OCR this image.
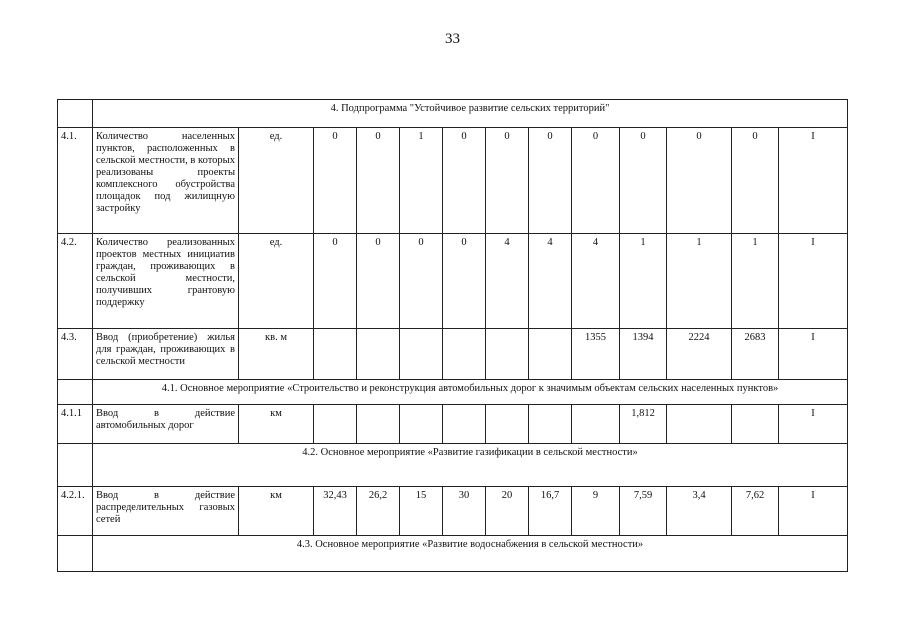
33
	4. Подпрограмма "Устойчивое развитие сельских территорий"												
4.1.	Количество населенных пунктов, расположенных в сельской местности, в которых реализованы проекты комплексного обустройства площадок под жилищную застройку	ед.	0	0	1	0	0	0	0	0	0	0	I
4.2.	Количество реализованных проектов местных инициатив граждан, проживающих в сельской местности, получивших грантовую поддержку	ед.	0	0	0	0	4	4	4	1	1	1	I
4.3.	Ввод (приобретение) жилья для граждан, проживающих в сельской местности	кв. м							1355	1394	2224	2683	I
	4.1. Основное мероприятие «Строительство и реконструкция автомобильных дорог к значимым объектам сельских населенных пунктов»												
4.1.1	Ввод в действие автомобильных дорог	км								1,812			I
	4.2. Основное мероприятие «Развитие газификации в сельской местности»												
4.2.1.	Ввод в действие распределительных газовых сетей	км	32,43	26,2	15	30	20	16,7	9	7,59	3,4	7,62	I
	4.3. Основное мероприятие «Развитие водоснабжения в сельской местности»												
